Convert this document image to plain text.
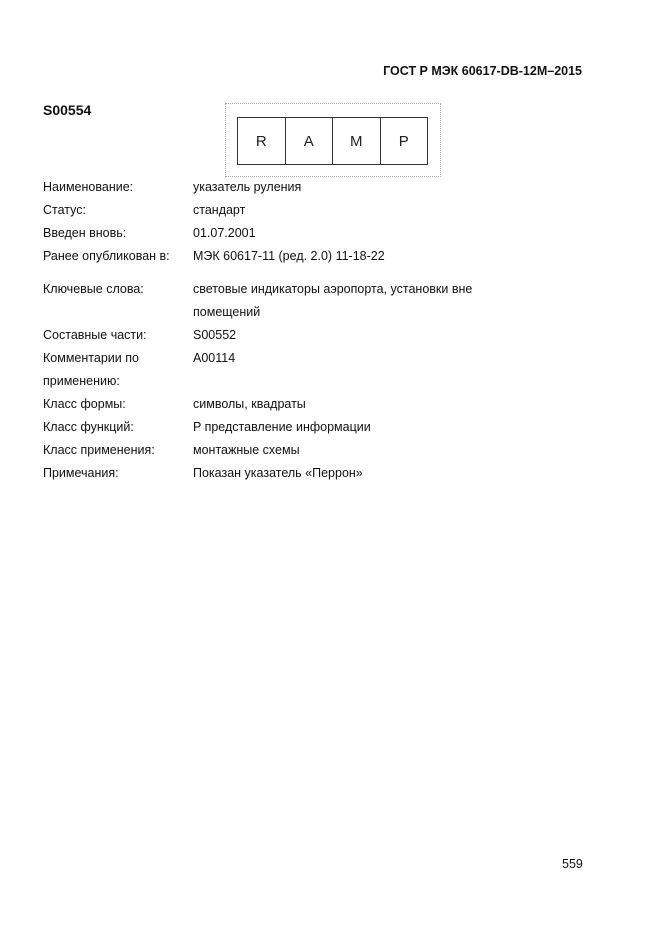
ГОСТ Р МЭК 60617-DB-12M–2015
S00554
R	A	M	P
Наименование:	указатель руления
Статус:	стандарт
Введен вновь:	01.07.2001
Ранее опубликован в:	МЭК 60617-11 (ред. 2.0) 11-18-22
Ключевые слова:	световые индикаторы аэропорта, установки вне помещений
Составные части:	S00552
Комментарии по применению:
A00114
Класс формы:	символы, квадраты
Класс функций:	P представление информации
Класс применения:	монтажные схемы
Примечания:	Показан указатель «Перрон»
559
